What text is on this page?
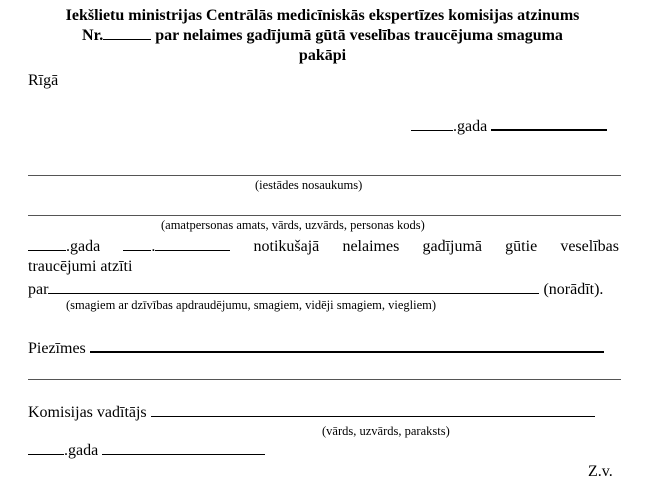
Iekšlietu ministrijas Centrālās medicīniskās ekspertīzes komisijas atzinums
Nr.	par nelaimes gadījumā gūtā veselības traucējuma smaguma
pakāpi
Rīgā
.gada
(iestādes nosaukums)
(amatpersonas amats, vārds, uzvārds, personas kods)
.gada	.	notikušajā nelaimes gadījumā gūtie veselības
traucējumi atzīti
par	(norādīt).
(smagiem ar dzīvības apdraudējumu, smagiem, vidēji smagiem, viegliem)
Piezīmes
Komisijas vadītājs
(vārds, uzvārds, paraksts)
.gada
Z.v.
